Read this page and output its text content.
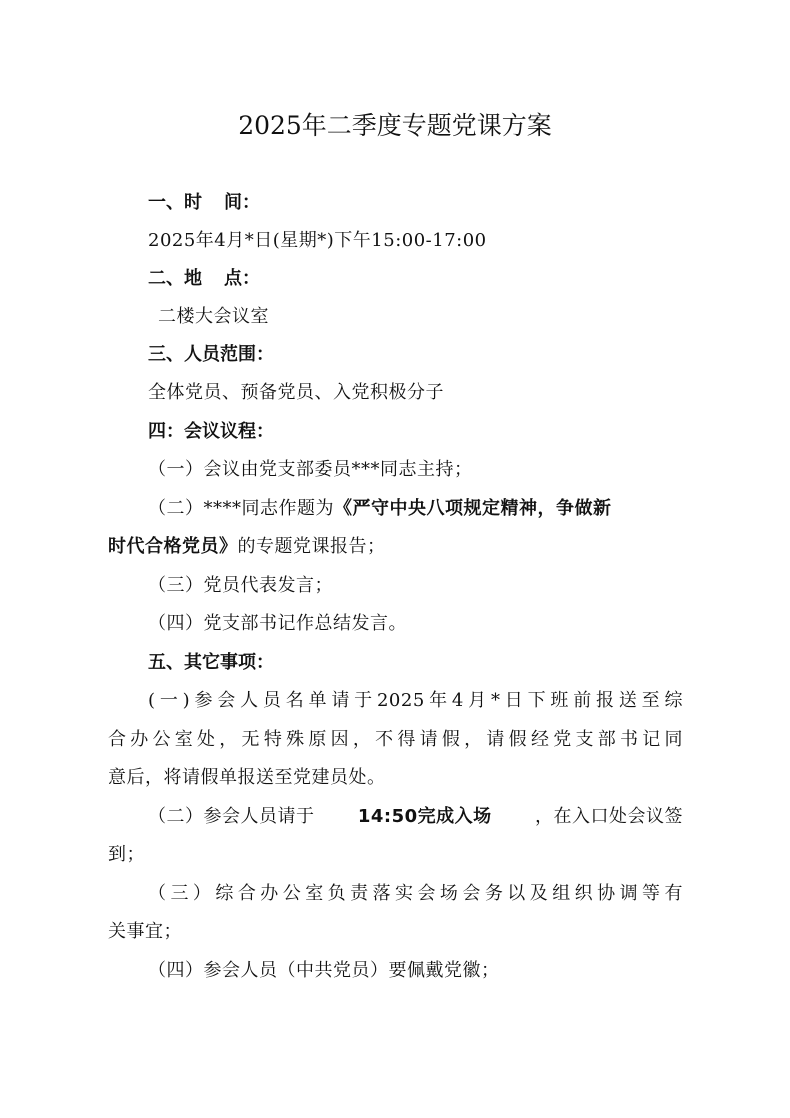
2025年二季度专题党课方案
一、时 间：
2025年4月*日(星期*)下午15:00-17:00
二、地 点：
二楼大会议室
三、人员范围：
全体党员、预备党员、入党积极分子
四：会议议程：
（一）会议由党支部委员***同志主持；
（二）****同志作题为《严守中央八项规定精神，争做新
时代合格党员》的专题党课报告；
（三）党员代表发言；
（四）党支部书记作总结发言。
五、其它事项：
(一)参会人员名单请于2025年4月*日下班前报送至综
合办公室处，无特殊原因，不得请假，请假经党支部书记同
意后，将请假单报送至党建员处。
（二）参会人员请于 14:50完成入场 ，在入口处会议签
到；
（三）综合办公室负责落实会场会务以及组织协调等有
关事宜；
（四）参会人员（中共党员）要佩戴党徽；
